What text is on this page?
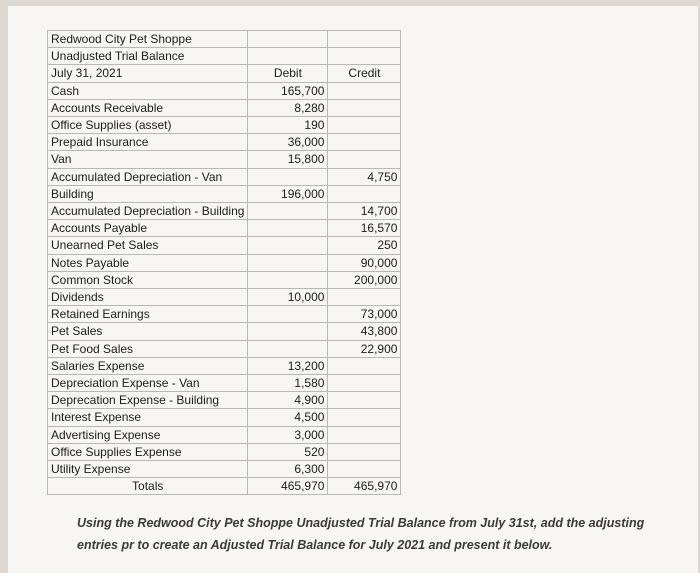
Redwood City Pet Shoppe		
Unadjusted Trial Balance		
July 31, 2021	Debit	Credit
Cash	165,700	
Accounts Receivable	8,280	
Office Supplies (asset)	190	
Prepaid Insurance	36,000	
Van	15,800	
Accumulated Depreciation - Van		4,750
Building	196,000	
Accumulated Depreciation - Building		14,700
Accounts Payable		16,570
Unearned Pet Sales		250
Notes Payable		90,000
Common Stock		200,000
Dividends	10,000	
Retained Earnings		73,000
Pet Sales		43,800
Pet Food Sales		22,900
Salaries Expense	13,200	
Depreciation Expense - Van	1,580	
Deprecation Expense - Building	4,900	
Interest Expense	4,500	
Advertising Expense	3,000	
Office Supplies Expense	520	
Utility Expense	6,300	
Totals	465,970	465,970
Using the Redwood City Pet Shoppe Unadjusted Trial Balance from July 31st, add the adjusting entries pr to create an Adjusted Trial Balance for July 2021 and present it below.
